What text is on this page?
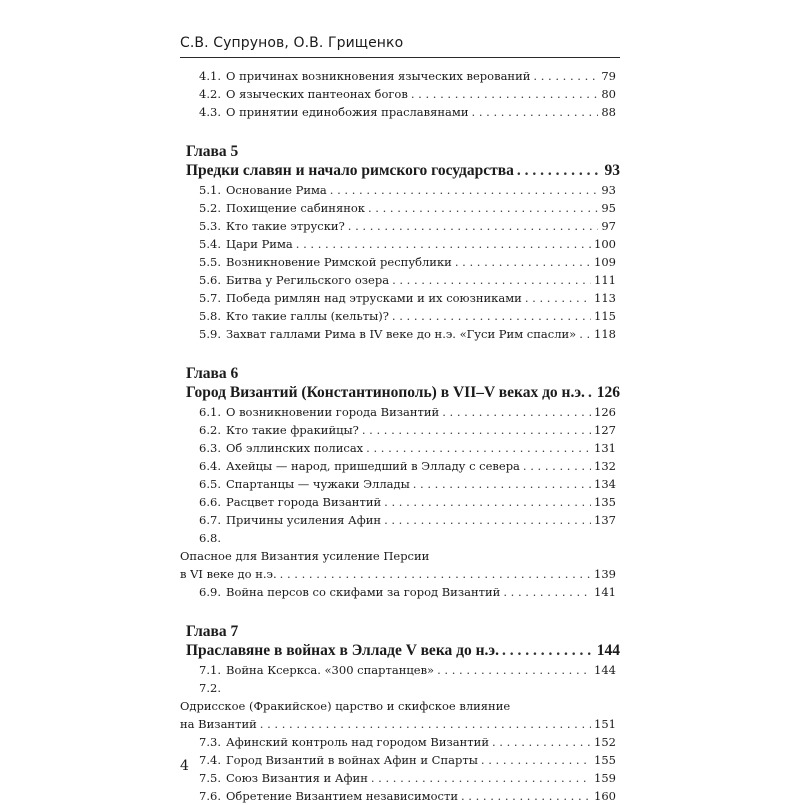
С.В. Супрунов, О.В. Грищенко
4.1. О причинах возникновения языческих верований . . .	79
4.2. О языческих пантеонах богов . . .	80
4.3. О принятии единобожия праславянами . . .	88
Глава 5
Предки славян и начало римского государства . . .	93
5.1. Основание Рима . . .	93
5.2. Похищение сабинянок . . .	95
5.3. Кто такие этруски? . . .	97
5.4. Цари Рима . . .	100
5.5. Возникновение Римской республики . . .	109
5.6. Битва у Регильского озера . . .	111
5.7. Победа римлян над этрусками и их союзниками . . .	113
5.8. Кто такие галлы (кельты)? . . .	115
5.9. Захват галлами Рима в IV веке до н.э. «Гуси Рим спасли» . . . 118
Глава 6
Город Византий (Константинополь) в VII–V веках до н.э. . . . 126
6.1. О возникновении города Византий . . .	126
6.2. Кто такие фракийцы? . . .	127
6.3. Об эллинских полисах . . .	131
6.4. Ахейцы — народ, пришедший в Элладу с севера . . .	132
6.5. Спартанцы — чужаки Эллады . . .	134
6.6. Расцвет города Византий . . .	135
6.7. Причины усиления Афин . . .	137
6.8.
Опасное для Византия усиление Персии
в VI веке до н.э. . . .	139
6.9. Война персов со скифами за город Византий . . .	141
Глава 7
Праславяне в войнах в Элладе V века до н.э. . . .	144
7.1. Война Ксеркса. «300 спартанцев» . . .	144
7.2.
Одрисское (Фракийское) царство и скифское влияние
на Византий . . .	151
7.3. Афинский контроль над городом Византий . . .	152
7.4. Город Византий в войнах Афин и Спарты . . .	155
7.5. Союз Византия и Афин . . .	159
7.6. Обретение Византием независимости . . .	160
4
